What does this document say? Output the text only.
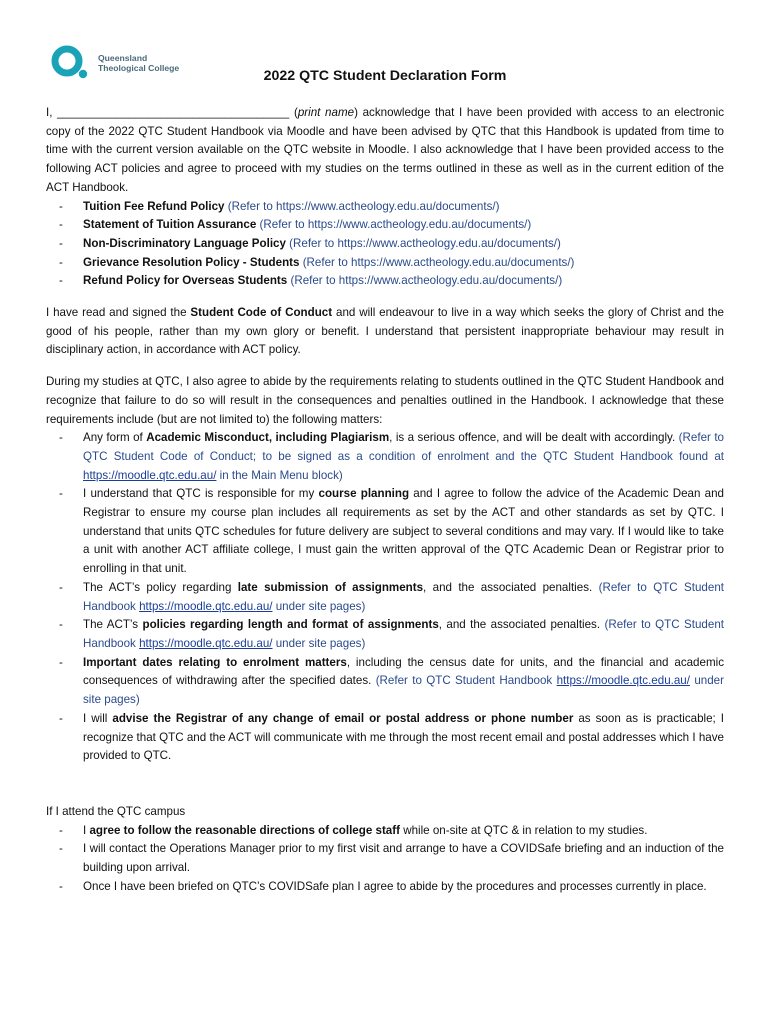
Queensland
Theological College	2022 QTC Student Declaration Form

I, ____________________________________ (print name) acknowledge that I have been provided with access to an electronic copy of the 2022 QTC Student Handbook via Moodle and have been advised by QTC that this Handbook is updated from time to time with the current version available on the QTC website in Moodle. I also acknowledge that I have been provided access to the following ACT policies and agree to proceed with my studies on the terms outlined in these as well as in the current edition of the ACT Handbook.

- Tuition Fee Refund Policy (Refer to https://www.actheology.edu.au/documents/)
- Statement of Tuition Assurance (Refer to https://www.actheology.edu.au/documents/)
- Non-Discriminatory Language Policy (Refer to https://www.actheology.edu.au/documents/)
- Grievance Resolution Policy - Students (Refer to https://www.actheology.edu.au/documents/)
- Refund Policy for Overseas Students (Refer to https://www.actheology.edu.au/documents/)

I have read and signed the Student Code of Conduct and will endeavour to live in a way which seeks the glory of Christ and the good of his people, rather than my own glory or benefit. I understand that persistent inappropriate behaviour may result in disciplinary action, in accordance with ACT policy.

During my studies at QTC, I also agree to abide by the requirements relating to students outlined in the QTC Student Handbook and recognize that failure to do so will result in the consequences and penalties outlined in the Handbook. I acknowledge that these requirements include (but are not limited to) the following matters:

- Any form of Academic Misconduct, including Plagiarism, is a serious offence, and will be dealt with accordingly. (Refer to QTC Student Code of Conduct; to be signed as a condition of enrolment and the QTC Student Handbook found at https://moodle.qtc.edu.au/ in the Main Menu block)
- I understand that QTC is responsible for my course planning and I agree to follow the advice of the Academic Dean and Registrar to ensure my course plan includes all requirements as set by the ACT and other standards as set by QTC. I understand that units QTC schedules for future delivery are subject to several conditions and may vary. If I would like to take a unit with another ACT affiliate college, I must gain the written approval of the QTC Academic Dean or Registrar prior to enrolling in that unit.
- The ACT’s policy regarding late submission of assignments, and the associated penalties. (Refer to QTC Student Handbook https://moodle.qtc.edu.au/ under site pages)
- The ACT’s policies regarding length and format of assignments, and the associated penalties. (Refer to QTC Student Handbook https://moodle.qtc.edu.au/ under site pages)
- Important dates relating to enrolment matters, including the census date for units, and the financial and academic consequences of withdrawing after the specified dates. (Refer to QTC Student Handbook https://moodle.qtc.edu.au/ under site pages)
- I will advise the Registrar of any change of email or postal address or phone number as soon as is practicable; I recognize that QTC and the ACT will communicate with me through the most recent email and postal addresses which I have provided to QTC.

If I attend the QTC campus

- I agree to follow the reasonable directions of college staff while on-site at QTC & in relation to my studies.
- I will contact the Operations Manager prior to my first visit and arrange to have a COVIDSafe briefing and an induction of the building upon arrival.
- Once I have been briefed on QTC’s COVIDSafe plan I agree to abide by the procedures and processes currently in place.
